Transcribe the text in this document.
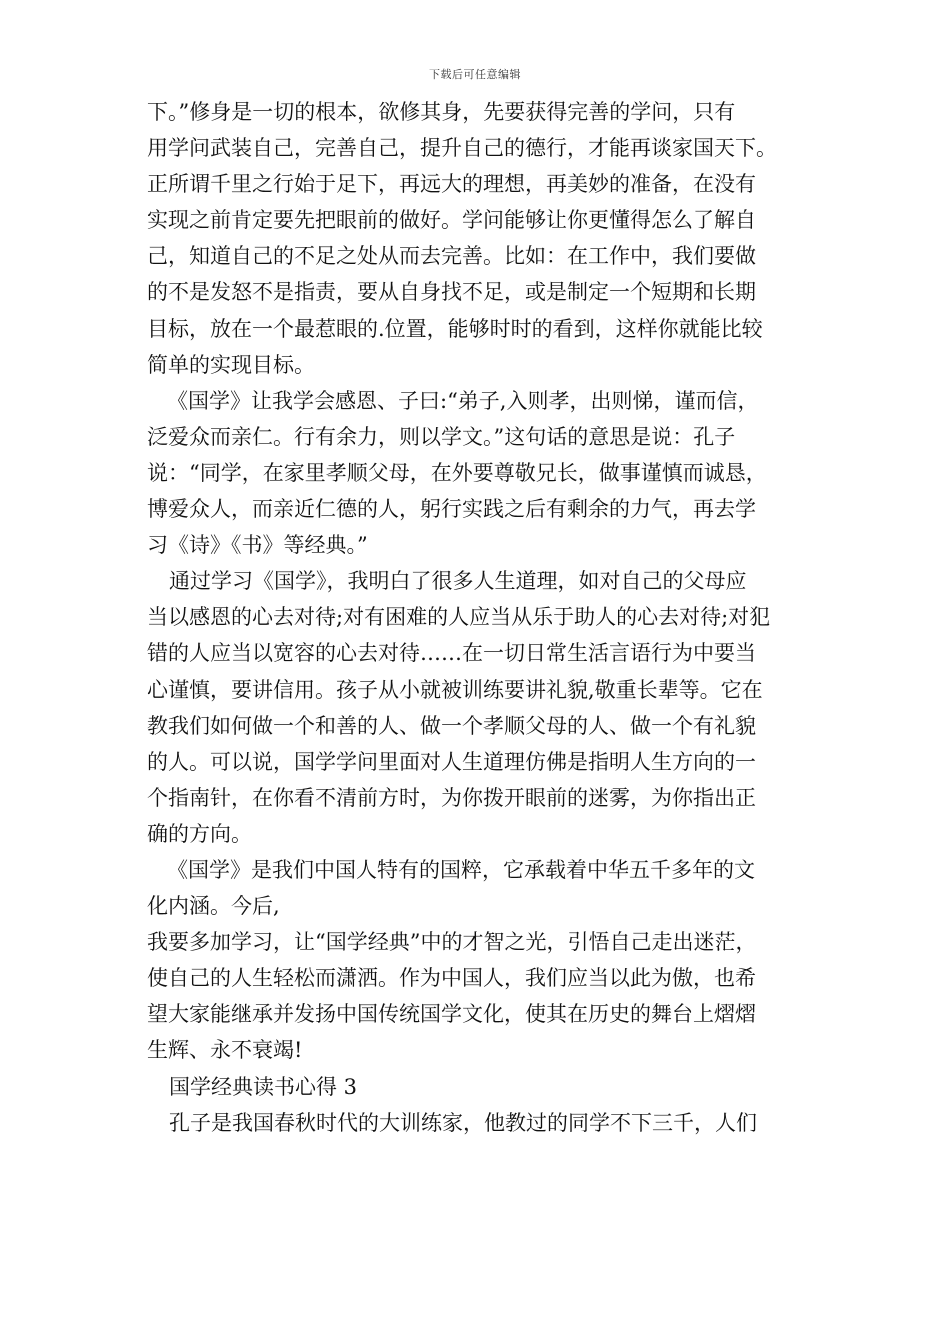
下载后可任意编辑
下。”修身是一切的根本，欲修其身，先要获得完善的学问，只有
用学问武装自己，完善自己，提升自己的德行，才能再谈家国天下。
正所谓千里之行始于足下，再远大的理想，再美妙的准备，在没有
实现之前肯定要先把眼前的做好。学问能够让你更懂得怎么了解自
己，知道自己的不足之处从而去完善。比如：在工作中，我们要做
的不是发怒不是指责，要从自身找不足，或是制定一个短期和长期
目标，放在一个最惹眼的.位置，能够时时的看到，这样你就能比较
简单的实现目标。
《国学》让我学会感恩、子曰:“弟子,入则孝，出则悌，谨而信，
泛爱众而亲仁。行有余力，则以学文。”这句话的意思是说：孔子
说：“同学，在家里孝顺父母，在外要尊敬兄长，做事谨慎而诚恳，
博爱众人，而亲近仁德的人，躬行实践之后有剩余的力气，再去学
习《诗》《书》等经典。”
通过学习《国学》，我明白了很多人生道理，如对自己的父母应
当以感恩的心去对待;对有困难的人应当从乐于助人的心去对待;对犯
错的人应当以宽容的心去对待……在一切日常生活言语行为中要当
心谨慎，要讲信用。孩子从小就被训练要讲礼貌,敬重长辈等。它在
教我们如何做一个和善的人、做一个孝顺父母的人、做一个有礼貌
的人。可以说，国学学问里面对人生道理仿佛是指明人生方向的一
个指南针，在你看不清前方时，为你拨开眼前的迷雾，为你指出正
确的方向。
《国学》是我们中国人特有的国粹，它承载着中华五千多年的文
化内涵。今后,
我要多加学习，让“国学经典”中的才智之光，引悟自己走出迷茫，
使自己的人生轻松而潇洒。作为中国人，我们应当以此为傲，也希
望大家能继承并发扬中国传统国学文化，使其在历史的舞台上熠熠
生辉、永不衰竭!
国学经典读书心得 3
孔子是我国春秋时代的大训练家，他教过的同学不下三千，人们
